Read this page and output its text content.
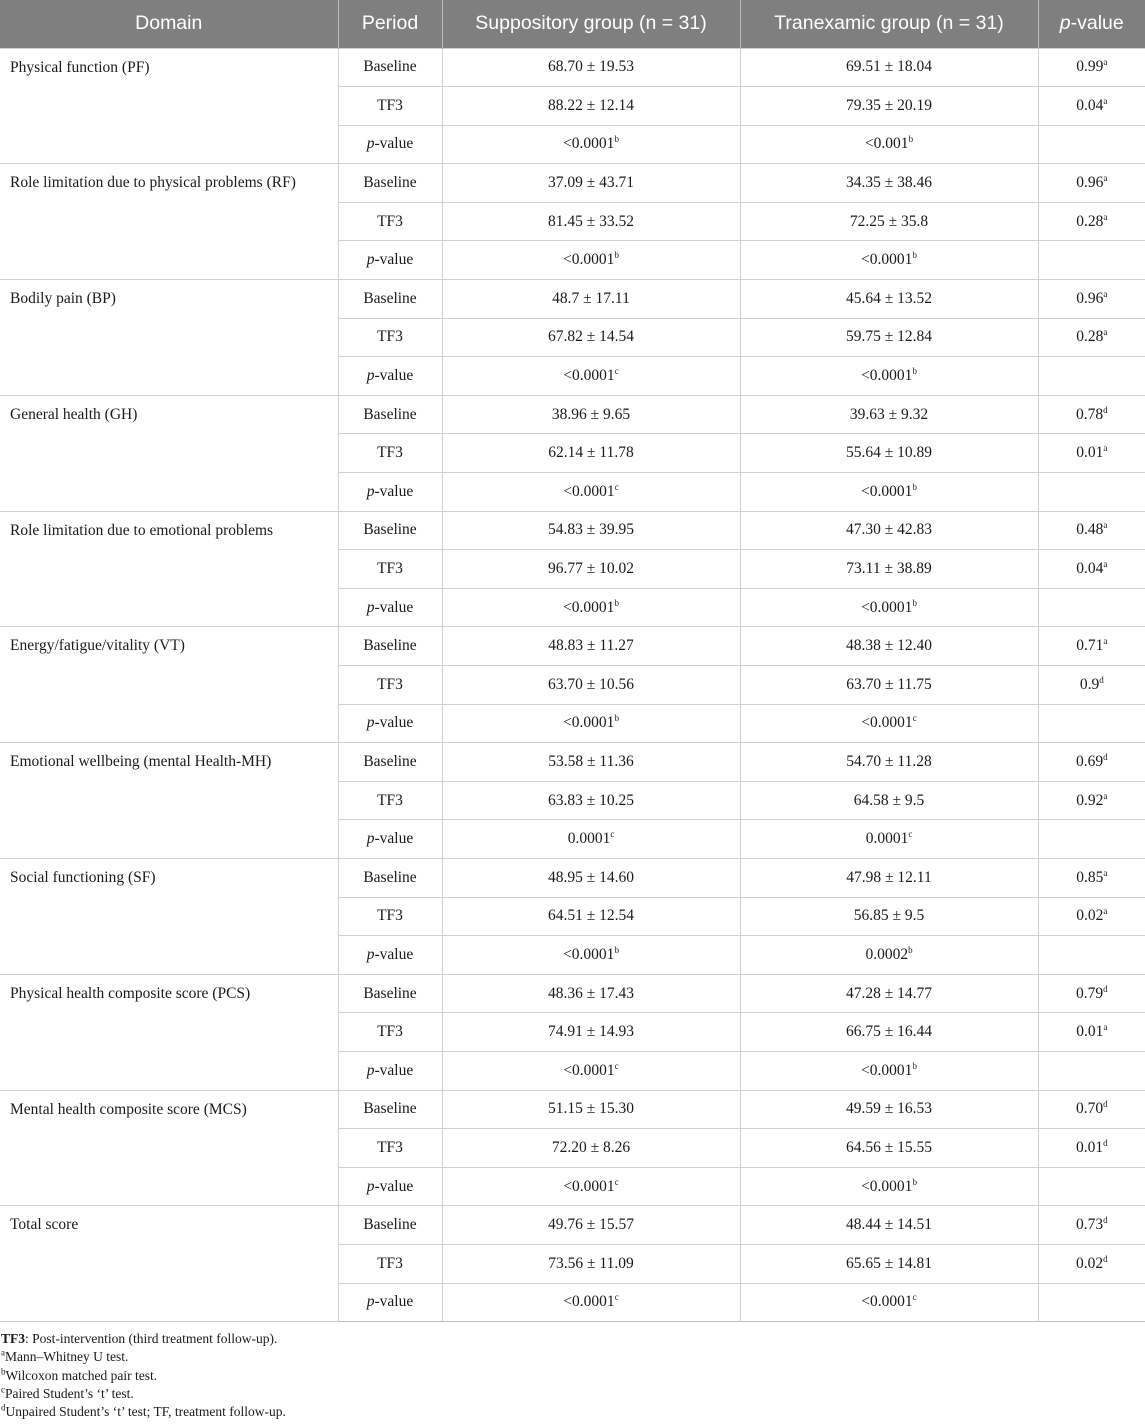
Domain	Period	Suppository group (n = 31)	Tranexamic group (n = 31)	p-value
Physical function (PF)	Baseline	68.70 ± 19.53	69.51 ± 18.04	0.99$^a$
	TF3	88.22 ± 12.14	79.35 ± 20.19	0.04$^a$
	p-value	<0.0001$^b$	<0.001$^b$	
Role limitation due to physical problems (RF)	Baseline	37.09 ± 43.71	34.35 ± 38.46	0.96$^a$
	TF3	81.45 ± 33.52	72.25 ± 35.8	0.28$^a$
	p-value	<0.0001$^b$	<0.0001$^b$	
Bodily pain (BP)	Baseline	48.7 ± 17.11	45.64 ± 13.52	0.96$^a$
	TF3	67.82 ± 14.54	59.75 ± 12.84	0.28$^a$
	p-value	<0.0001$^c$	<0.0001$^b$	
General health (GH)	Baseline	38.96 ± 9.65	39.63 ± 9.32	0.78$^d$
	TF3	62.14 ± 11.78	55.64 ± 10.89	0.01$^a$
	p-value	<0.0001$^c$	<0.0001$^b$	
Role limitation due to emotional problems	Baseline	54.83 ± 39.95	47.30 ± 42.83	0.48$^a$
	TF3	96.77 ± 10.02	73.11 ± 38.89	0.04$^a$
	p-value	<0.0001$^b$	<0.0001$^b$	
Energy/fatigue/vitality (VT)	Baseline	48.83 ± 11.27	48.38 ± 12.40	0.71$^a$
	TF3	63.70 ± 10.56	63.70 ± 11.75	0.9$^d$
	p-value	<0.0001$^b$	<0.0001$^c$	
Emotional wellbeing (mental Health-MH)	Baseline	53.58 ± 11.36	54.70 ± 11.28	0.69$^d$
	TF3	63.83 ± 10.25	64.58 ± 9.5	0.92$^a$
	p-value	0.0001$^c$	0.0001$^c$	
Social functioning (SF)	Baseline	48.95 ± 14.60	47.98 ± 12.11	0.85$^a$
	TF3	64.51 ± 12.54	56.85 ± 9.5	0.02$^a$
	p-value	<0.0001$^b$	0.0002$^b$	
Physical health composite score (PCS)	Baseline	48.36 ± 17.43	47.28 ± 14.77	0.79$^d$
	TF3	74.91 ± 14.93	66.75 ± 16.44	0.01$^a$
	p-value	<0.0001$^c$	<0.0001$^b$	
Mental health composite score (MCS)	Baseline	51.15 ± 15.30	49.59 ± 16.53	0.70$^d$
	TF3	72.20 ± 8.26	64.56 ± 15.55	0.01$^d$
	p-value	<0.0001$^c$	<0.0001$^b$	
Total score	Baseline	49.76 ± 15.57	48.44 ± 14.51	0.73$^d$
	TF3	73.56 ± 11.09	65.65 ± 14.81	0.02$^d$
	p-value	<0.0001$^c$	<0.0001$^c$	
TF3: Post-intervention (third treatment follow-up).
$^a$Mann–Whitney U test.
$^b$Wilcoxon matched pair test.
$^c$Paired Student’s ‘t’ test.
$^d$Unpaired Student’s ‘t’ test; TF, treatment follow-up.
